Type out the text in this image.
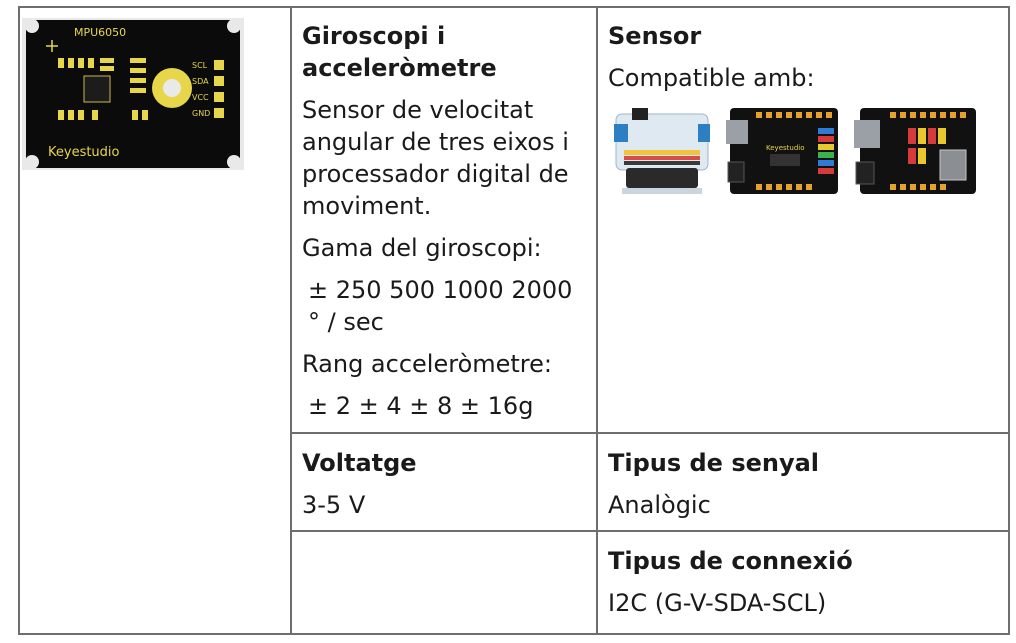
MPU6050
SCL
SDA
VCC
GND
Keyestudio

Giroscopi i acceleròmetre

Sensor de velocitat angular de tres eixos i processador digital de moviment.

Gama del giroscopi:

± 250 500 1000 2000 ° / sec

Rang acceleròmetre:

± 2 ± 4 ± 8 ± 16g

Sensor

Compatible amb:

Keyestudio

Voltatge

3-5 V

Tipus de senyal

Analògic

Tipus de connexió

I2C (G-V-SDA-SCL)
